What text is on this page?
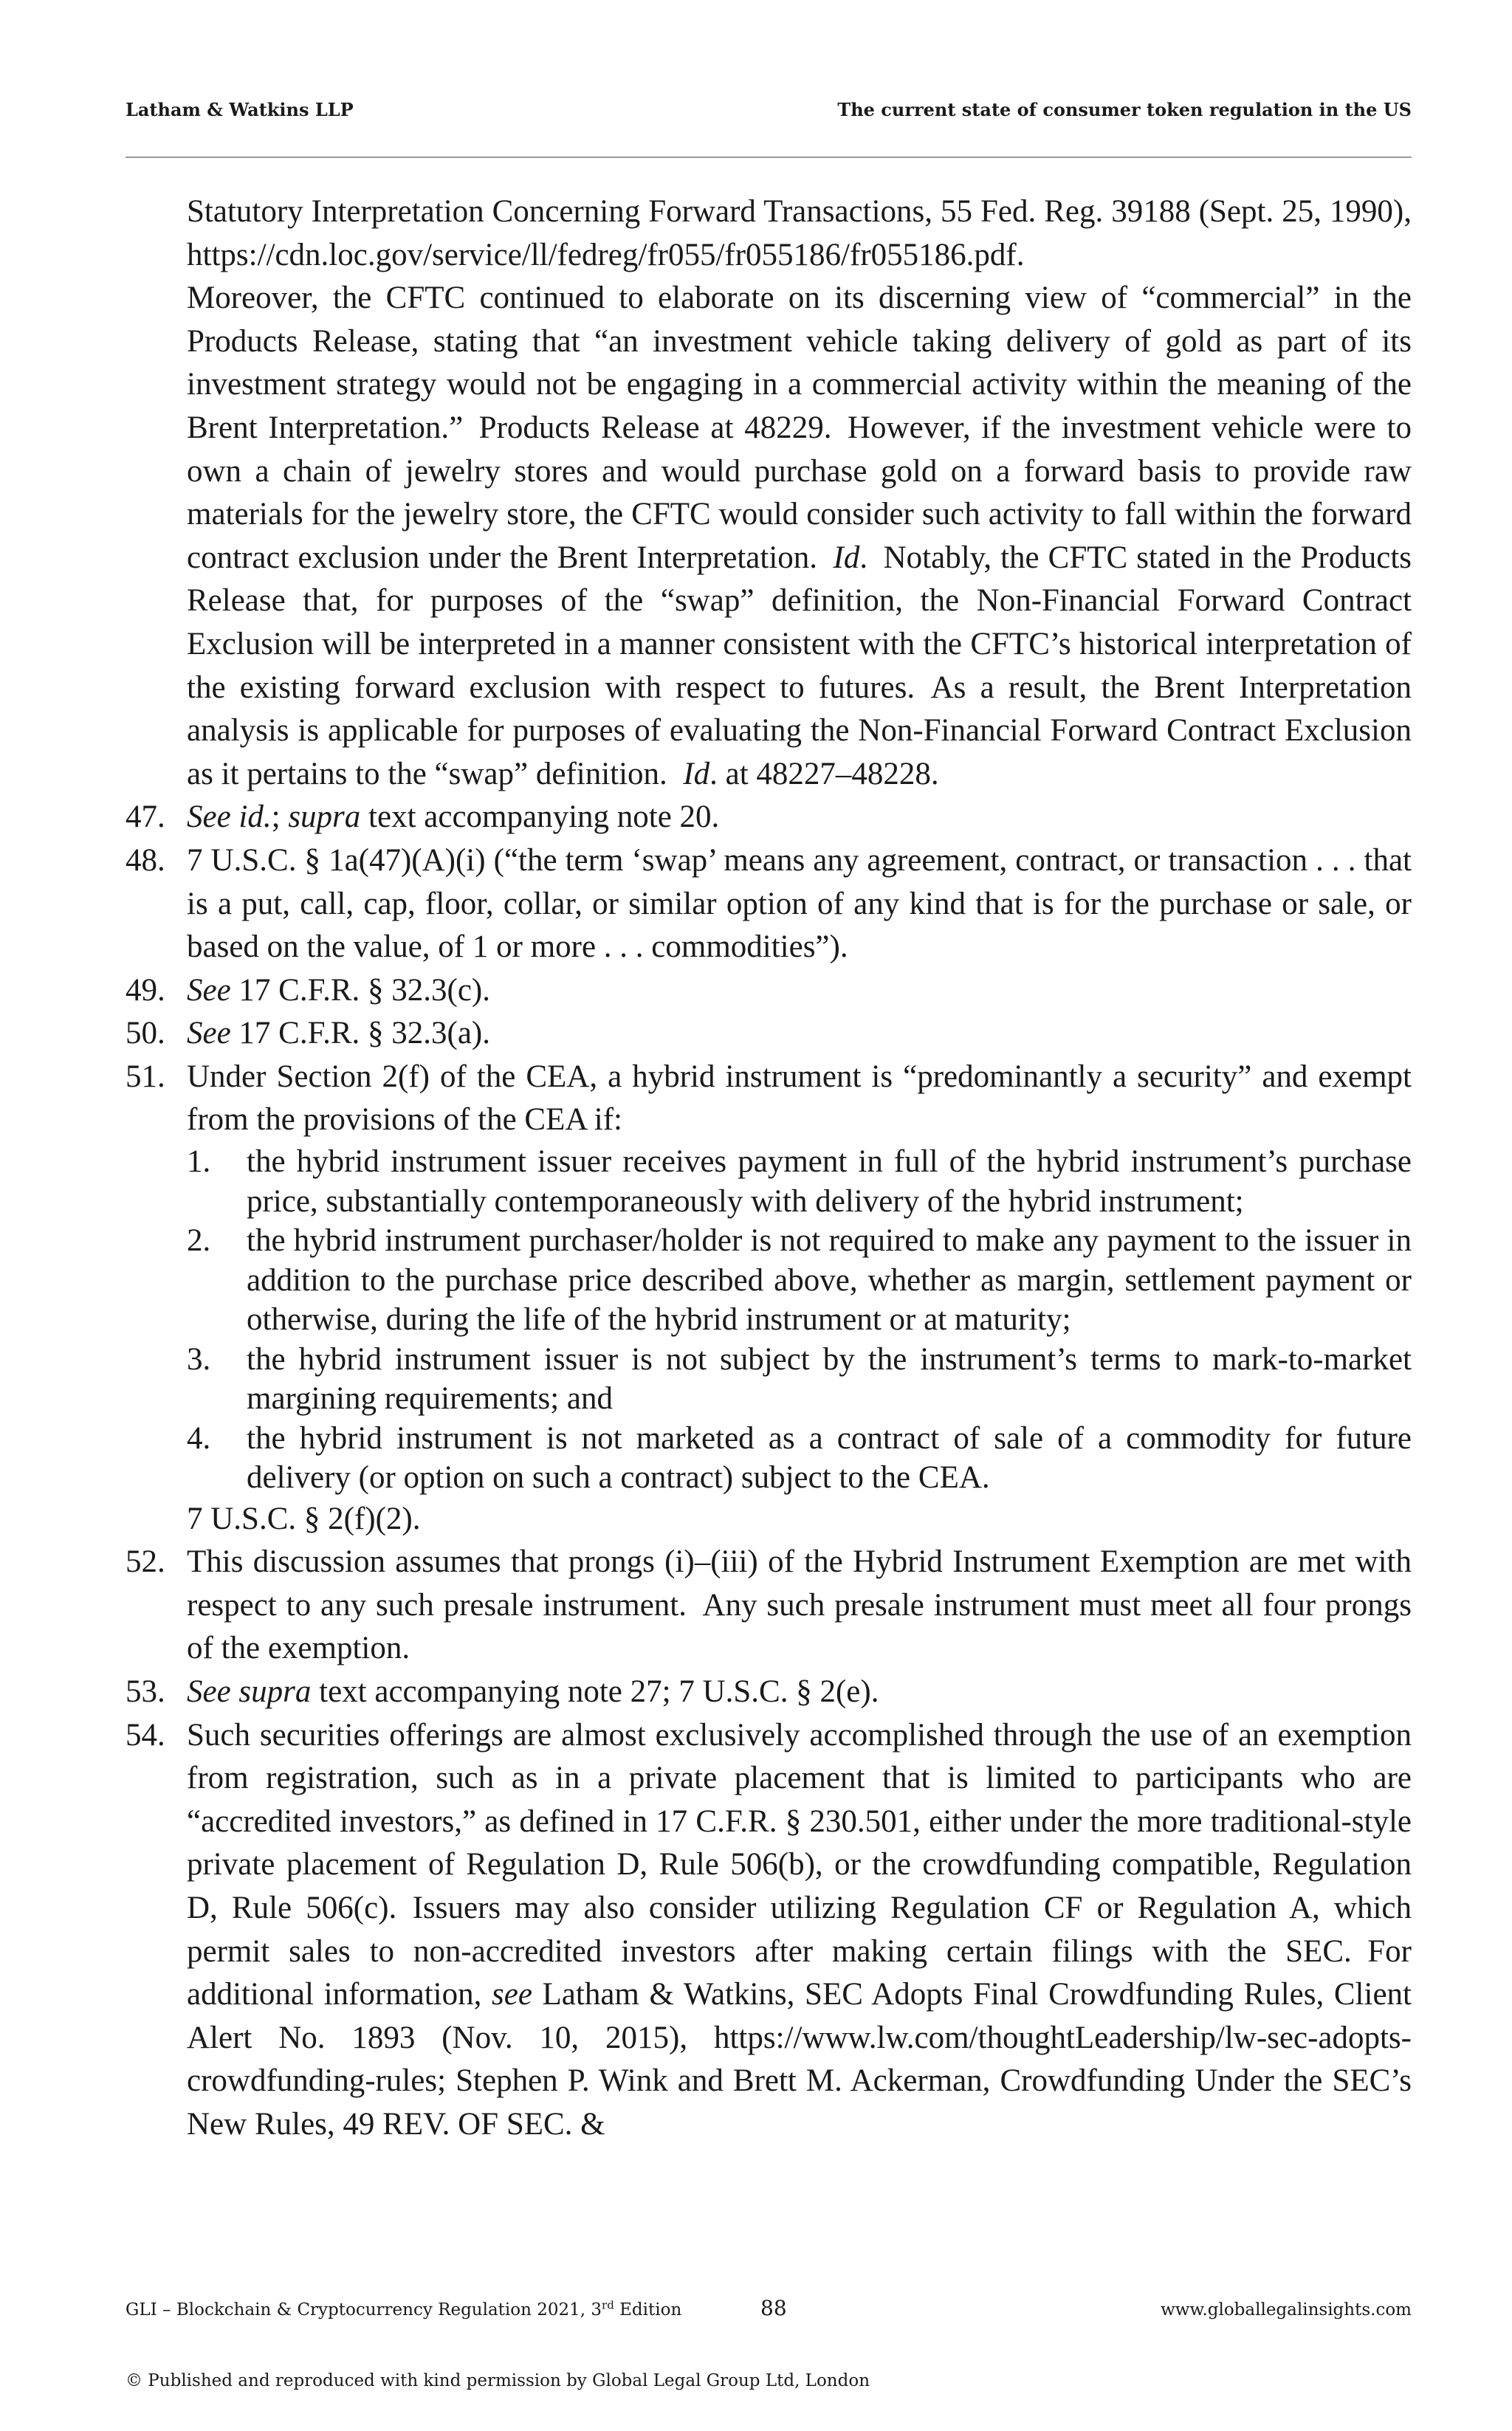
Latham & Watkins LLP	The current state of consumer token regulation in the US

Statutory Interpretation Concerning Forward Transactions, 55 Fed. Reg. 39188 (Sept. 25, 1990), https://cdn.loc.gov/service/ll/fedreg/fr055/fr055186/fr055186.pdf.
Moreover, the CFTC continued to elaborate on its discerning view of “commercial” in the Products Release, stating that “an investment vehicle taking delivery of gold as part of its investment strategy would not be engaging in a commercial activity within the meaning of the Brent Interpretation.” Products Release at 48229. However, if the investment vehicle were to own a chain of jewelry stores and would purchase gold on a forward basis to provide raw materials for the jewelry store, the CFTC would consider such activity to fall within the forward contract exclusion under the Brent Interpretation. Id. Notably, the CFTC stated in the Products Release that, for purposes of the “swap” definition, the Non-Financial Forward Contract Exclusion will be interpreted in a manner consistent with the CFTC’s historical interpretation of the existing forward exclusion with respect to futures. As a result, the Brent Interpretation analysis is applicable for purposes of evaluating the Non-Financial Forward Contract Exclusion as it pertains to the “swap” definition. Id. at 48227–48228.

47. See id.; supra text accompanying note 20.

48. 7 U.S.C. § 1a(47)(A)(i) (“the term ‘swap’ means any agreement, contract, or transaction . . . that is a put, call, cap, floor, collar, or similar option of any kind that is for the purchase or sale, or based on the value, of 1 or more . . . commodities”).

49. See 17 C.F.R. § 32.3(c).

50. See 17 C.F.R. § 32.3(a).

51. Under Section 2(f) of the CEA, a hybrid instrument is “predominantly a security” and exempt from the provisions of the CEA if:

1. the hybrid instrument issuer receives payment in full of the hybrid instrument’s purchase price, substantially contemporaneously with delivery of the hybrid instrument;

2. the hybrid instrument purchaser/holder is not required to make any payment to the issuer in addition to the purchase price described above, whether as margin, settlement payment or otherwise, during the life of the hybrid instrument or at maturity;

3. the hybrid instrument issuer is not subject by the instrument’s terms to mark-to-market margining requirements; and

4. the hybrid instrument is not marketed as a contract of sale of a commodity for future delivery (or option on such a contract) subject to the CEA.

7 U.S.C. § 2(f)(2).

52. This discussion assumes that prongs (i)–(iii) of the Hybrid Instrument Exemption are met with respect to any such presale instrument. Any such presale instrument must meet all four prongs of the exemption.

53. See supra text accompanying note 27; 7 U.S.C. § 2(e).

54. Such securities offerings are almost exclusively accomplished through the use of an exemption from registration, such as in a private placement that is limited to participants who are “accredited investors,” as defined in 17 C.F.R. § 230.501, either under the more traditional-style private placement of Regulation D, Rule 506(b), or the crowdfunding compatible, Regulation D, Rule 506(c). Issuers may also consider utilizing Regulation CF or Regulation A, which permit sales to non-accredited investors after making certain filings with the SEC. For additional information, see Latham & Watkins, SEC Adopts Final Crowdfunding Rules, Client Alert No. 1893 (Nov. 10, 2015), https://www.lw.com/thoughtLeadership/lw-sec-adopts-crowdfunding-rules; Stephen P. Wink and Brett M. Ackerman, Crowdfunding Under the SEC’s New Rules, 49 REV. OF SEC. &

GLI – Blockchain & Cryptocurrency Regulation 2021, 3rd Edition	88	www.globallegalinsights.com
© Published and reproduced with kind permission by Global Legal Group Ltd, London
